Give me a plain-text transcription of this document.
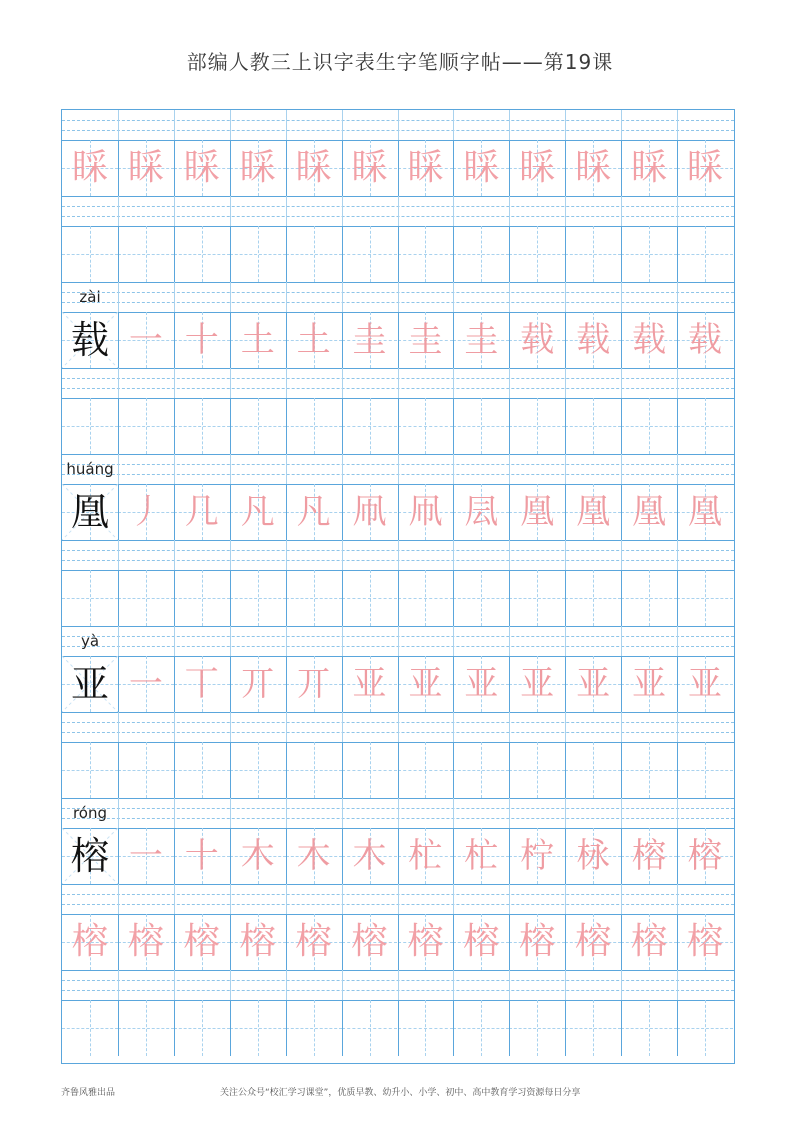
部编人教三上识字表生字笔顺字帖——第19课
睬 睬 睬 睬 睬 睬 睬 睬 睬 睬 睬 睬
zài
载 一 十 土 土 圭 圭 圭 载 载 载 载
huáng
凰 丿 几 凡 凡 凧 凧 凨 凰 凰 凰 凰
yà
亚 一 丅 丌 丌 亚 亚 亚 亚 亚 亚 亚
róng
榕 一 十 木 木 木 杧 杧 柠 栐 榕 榕
榕 榕 榕 榕 榕 榕 榕 榕 榕 榕 榕 榕
齐鲁风雅出品	关注公众号“校汇学习课堂”，优质早教、幼升小、小学、初中、高中教育学习资源每日分享
